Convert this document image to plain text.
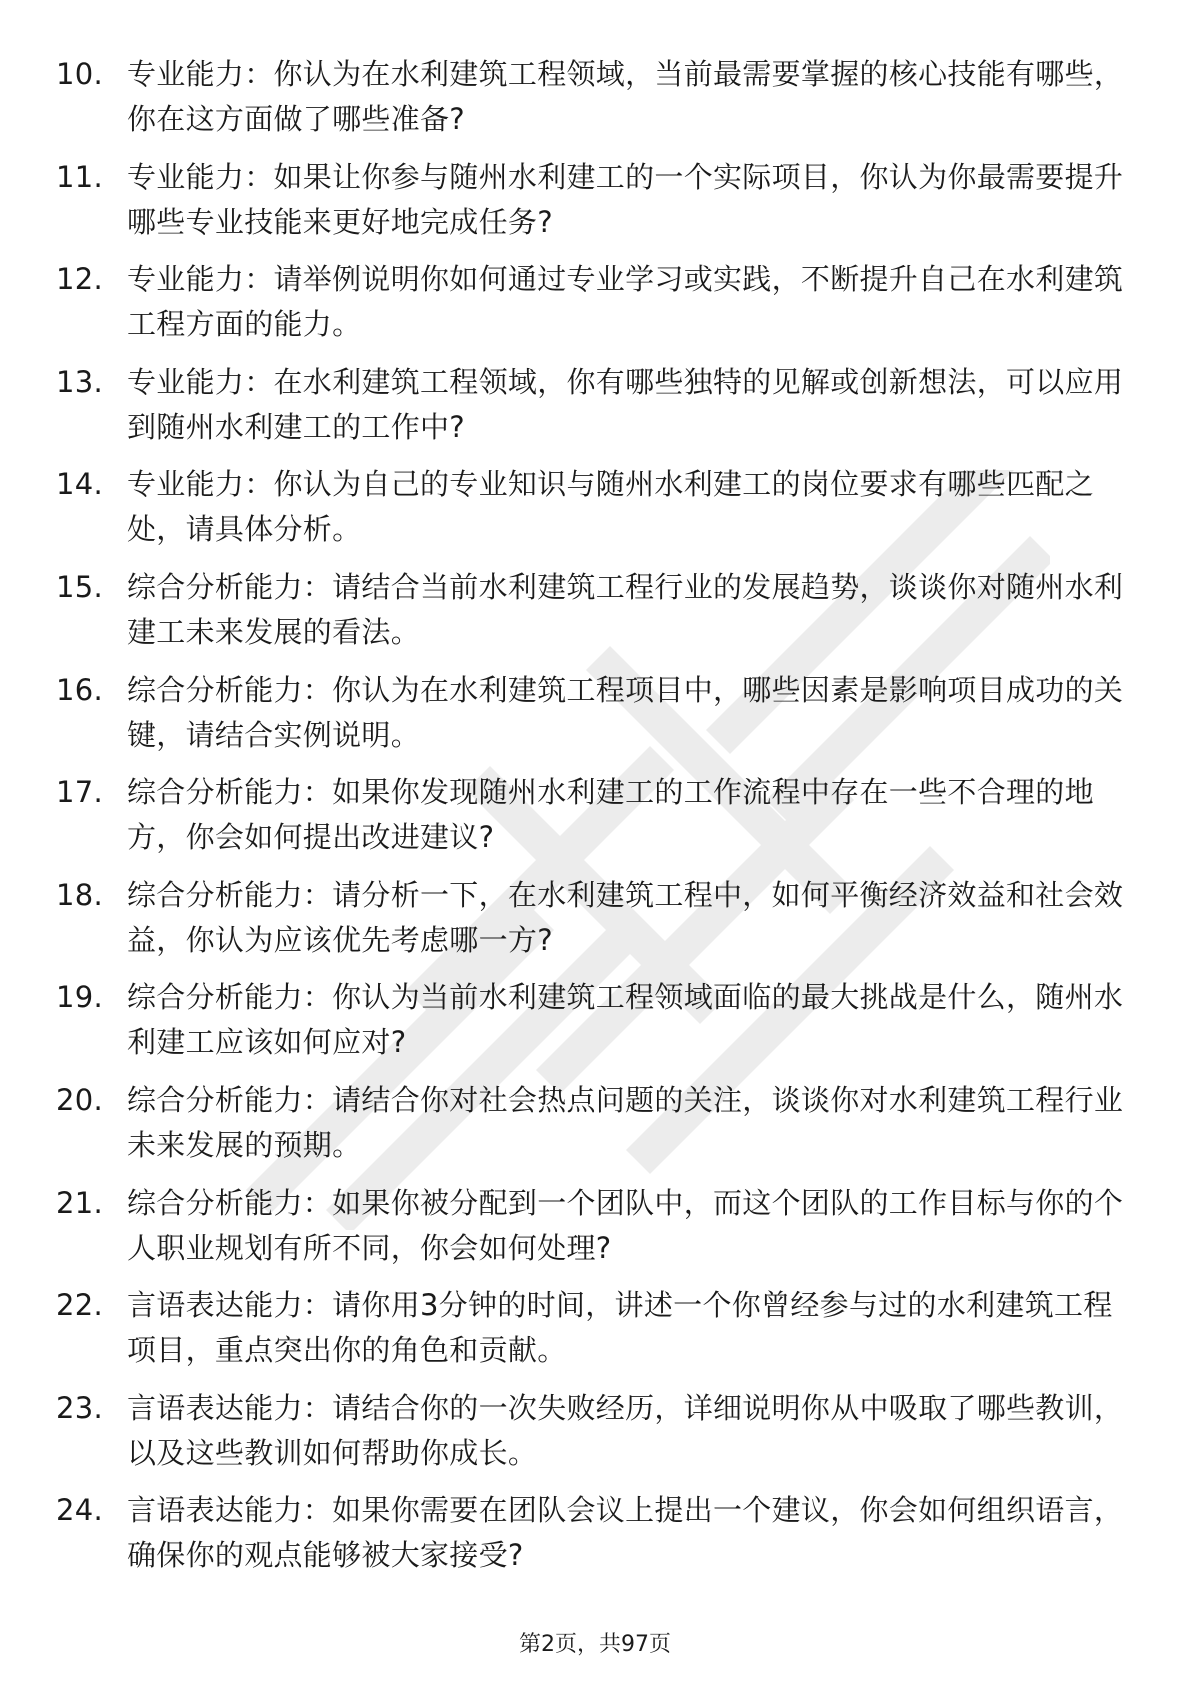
10. 专业能力：你认为在水利建筑工程领域，当前最需要掌握的核心技能有哪些，你在这方面做了哪些准备?
11. 专业能力：如果让你参与随州水利建工的一个实际项目，你认为你最需要提升哪些专业技能来更好地完成任务?
12. 专业能力：请举例说明你如何通过专业学习或实践，不断提升自己在水利建筑工程方面的能力。
13. 专业能力：在水利建筑工程领域，你有哪些独特的见解或创新想法，可以应用到随州水利建工的工作中?
14. 专业能力：你认为自己的专业知识与随州水利建工的岗位要求有哪些匹配之处，请具体分析。
15. 综合分析能力：请结合当前水利建筑工程行业的发展趋势，谈谈你对随州水利建工未来发展的看法。
16. 综合分析能力：你认为在水利建筑工程项目中，哪些因素是影响项目成功的关键，请结合实例说明。
17. 综合分析能力：如果你发现随州水利建工的工作流程中存在一些不合理的地方，你会如何提出改进建议?
18. 综合分析能力：请分析一下，在水利建筑工程中，如何平衡经济效益和社会效益，你认为应该优先考虑哪一方?
19. 综合分析能力：你认为当前水利建筑工程领域面临的最大挑战是什么，随州水利建工应该如何应对?
20. 综合分析能力：请结合你对社会热点问题的关注，谈谈你对水利建筑工程行业未来发展的预期。
21. 综合分析能力：如果你被分配到一个团队中，而这个团队的工作目标与你的个人职业规划有所不同，你会如何处理?
22. 言语表达能力：请你用3分钟的时间，讲述一个你曾经参与过的水利建筑工程项目，重点突出你的角色和贡献。
23. 言语表达能力：请结合你的一次失败经历，详细说明你从中吸取了哪些教训，以及这些教训如何帮助你成长。
24. 言语表达能力：如果你需要在团队会议上提出一个建议，你会如何组织语言，确保你的观点能够被大家接受?
第2页，共97页
